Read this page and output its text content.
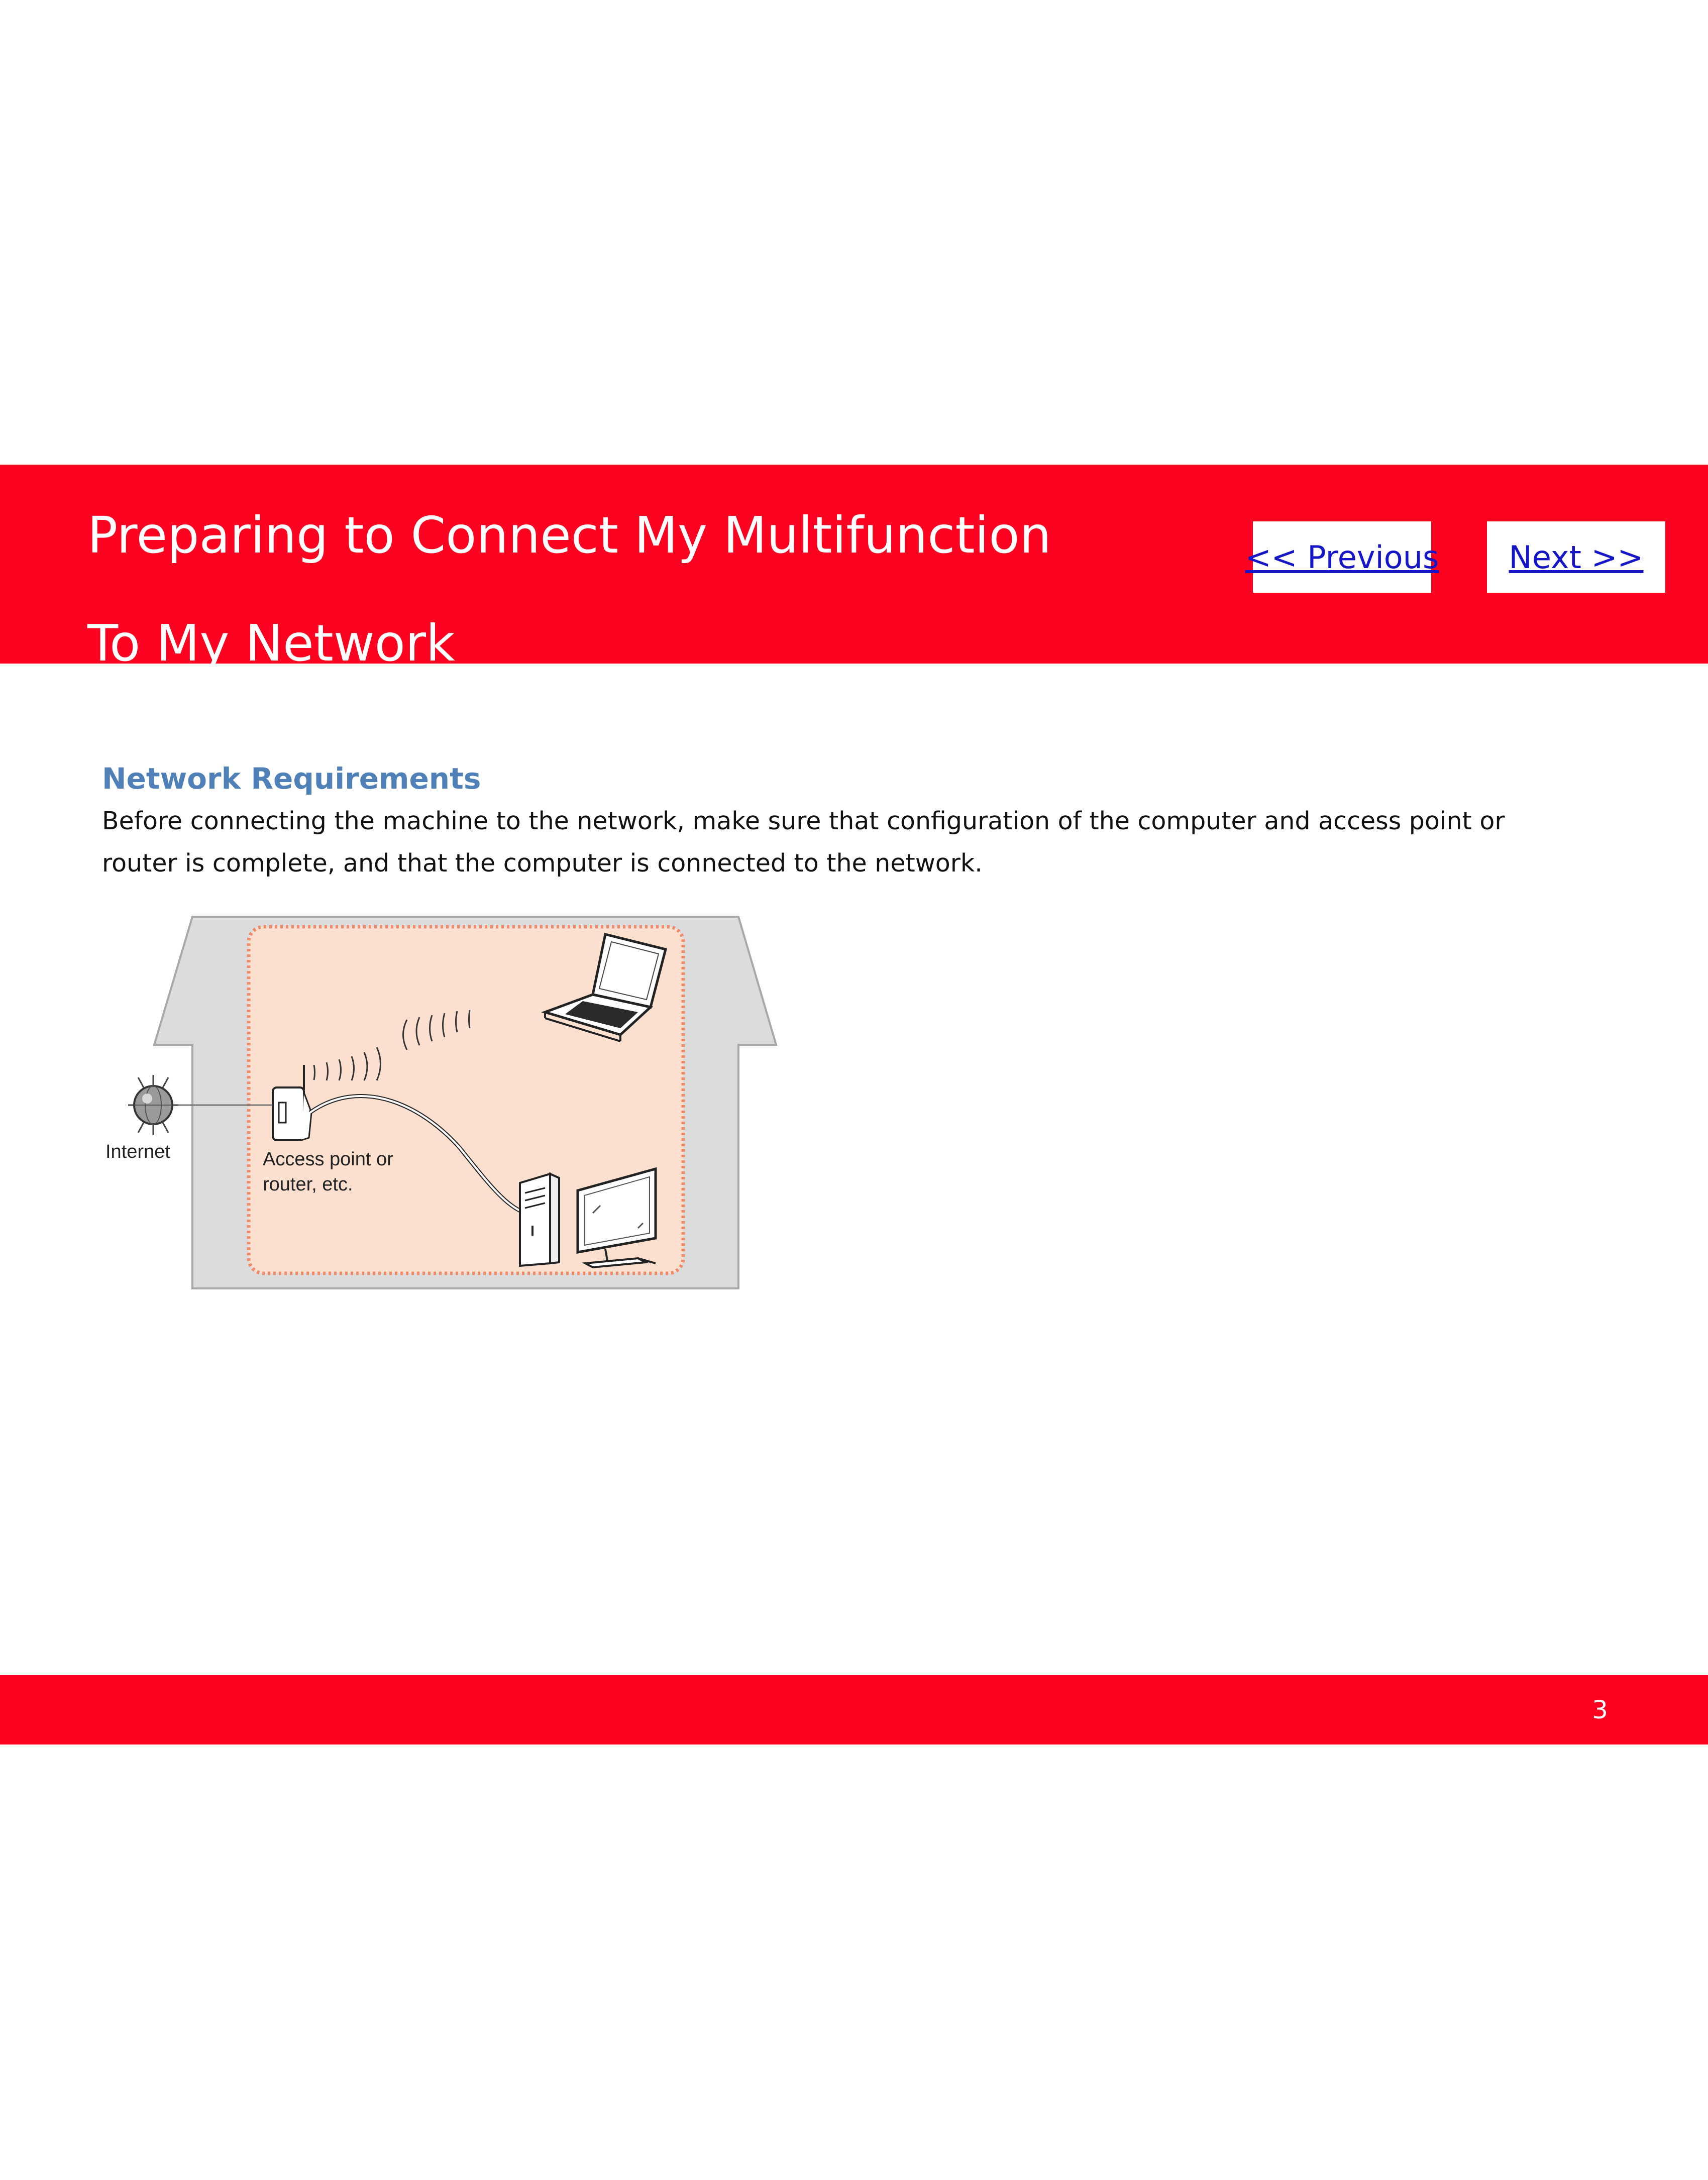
Preparing to Connect My Multifunction
To My Network
<< Previous Next >>
Network Requirements

Before connecting the machine to the network, make sure that configuration of the computer and access point or router is complete, and that the computer is connected to the network.

Internet	Access point or
router, etc.
3
